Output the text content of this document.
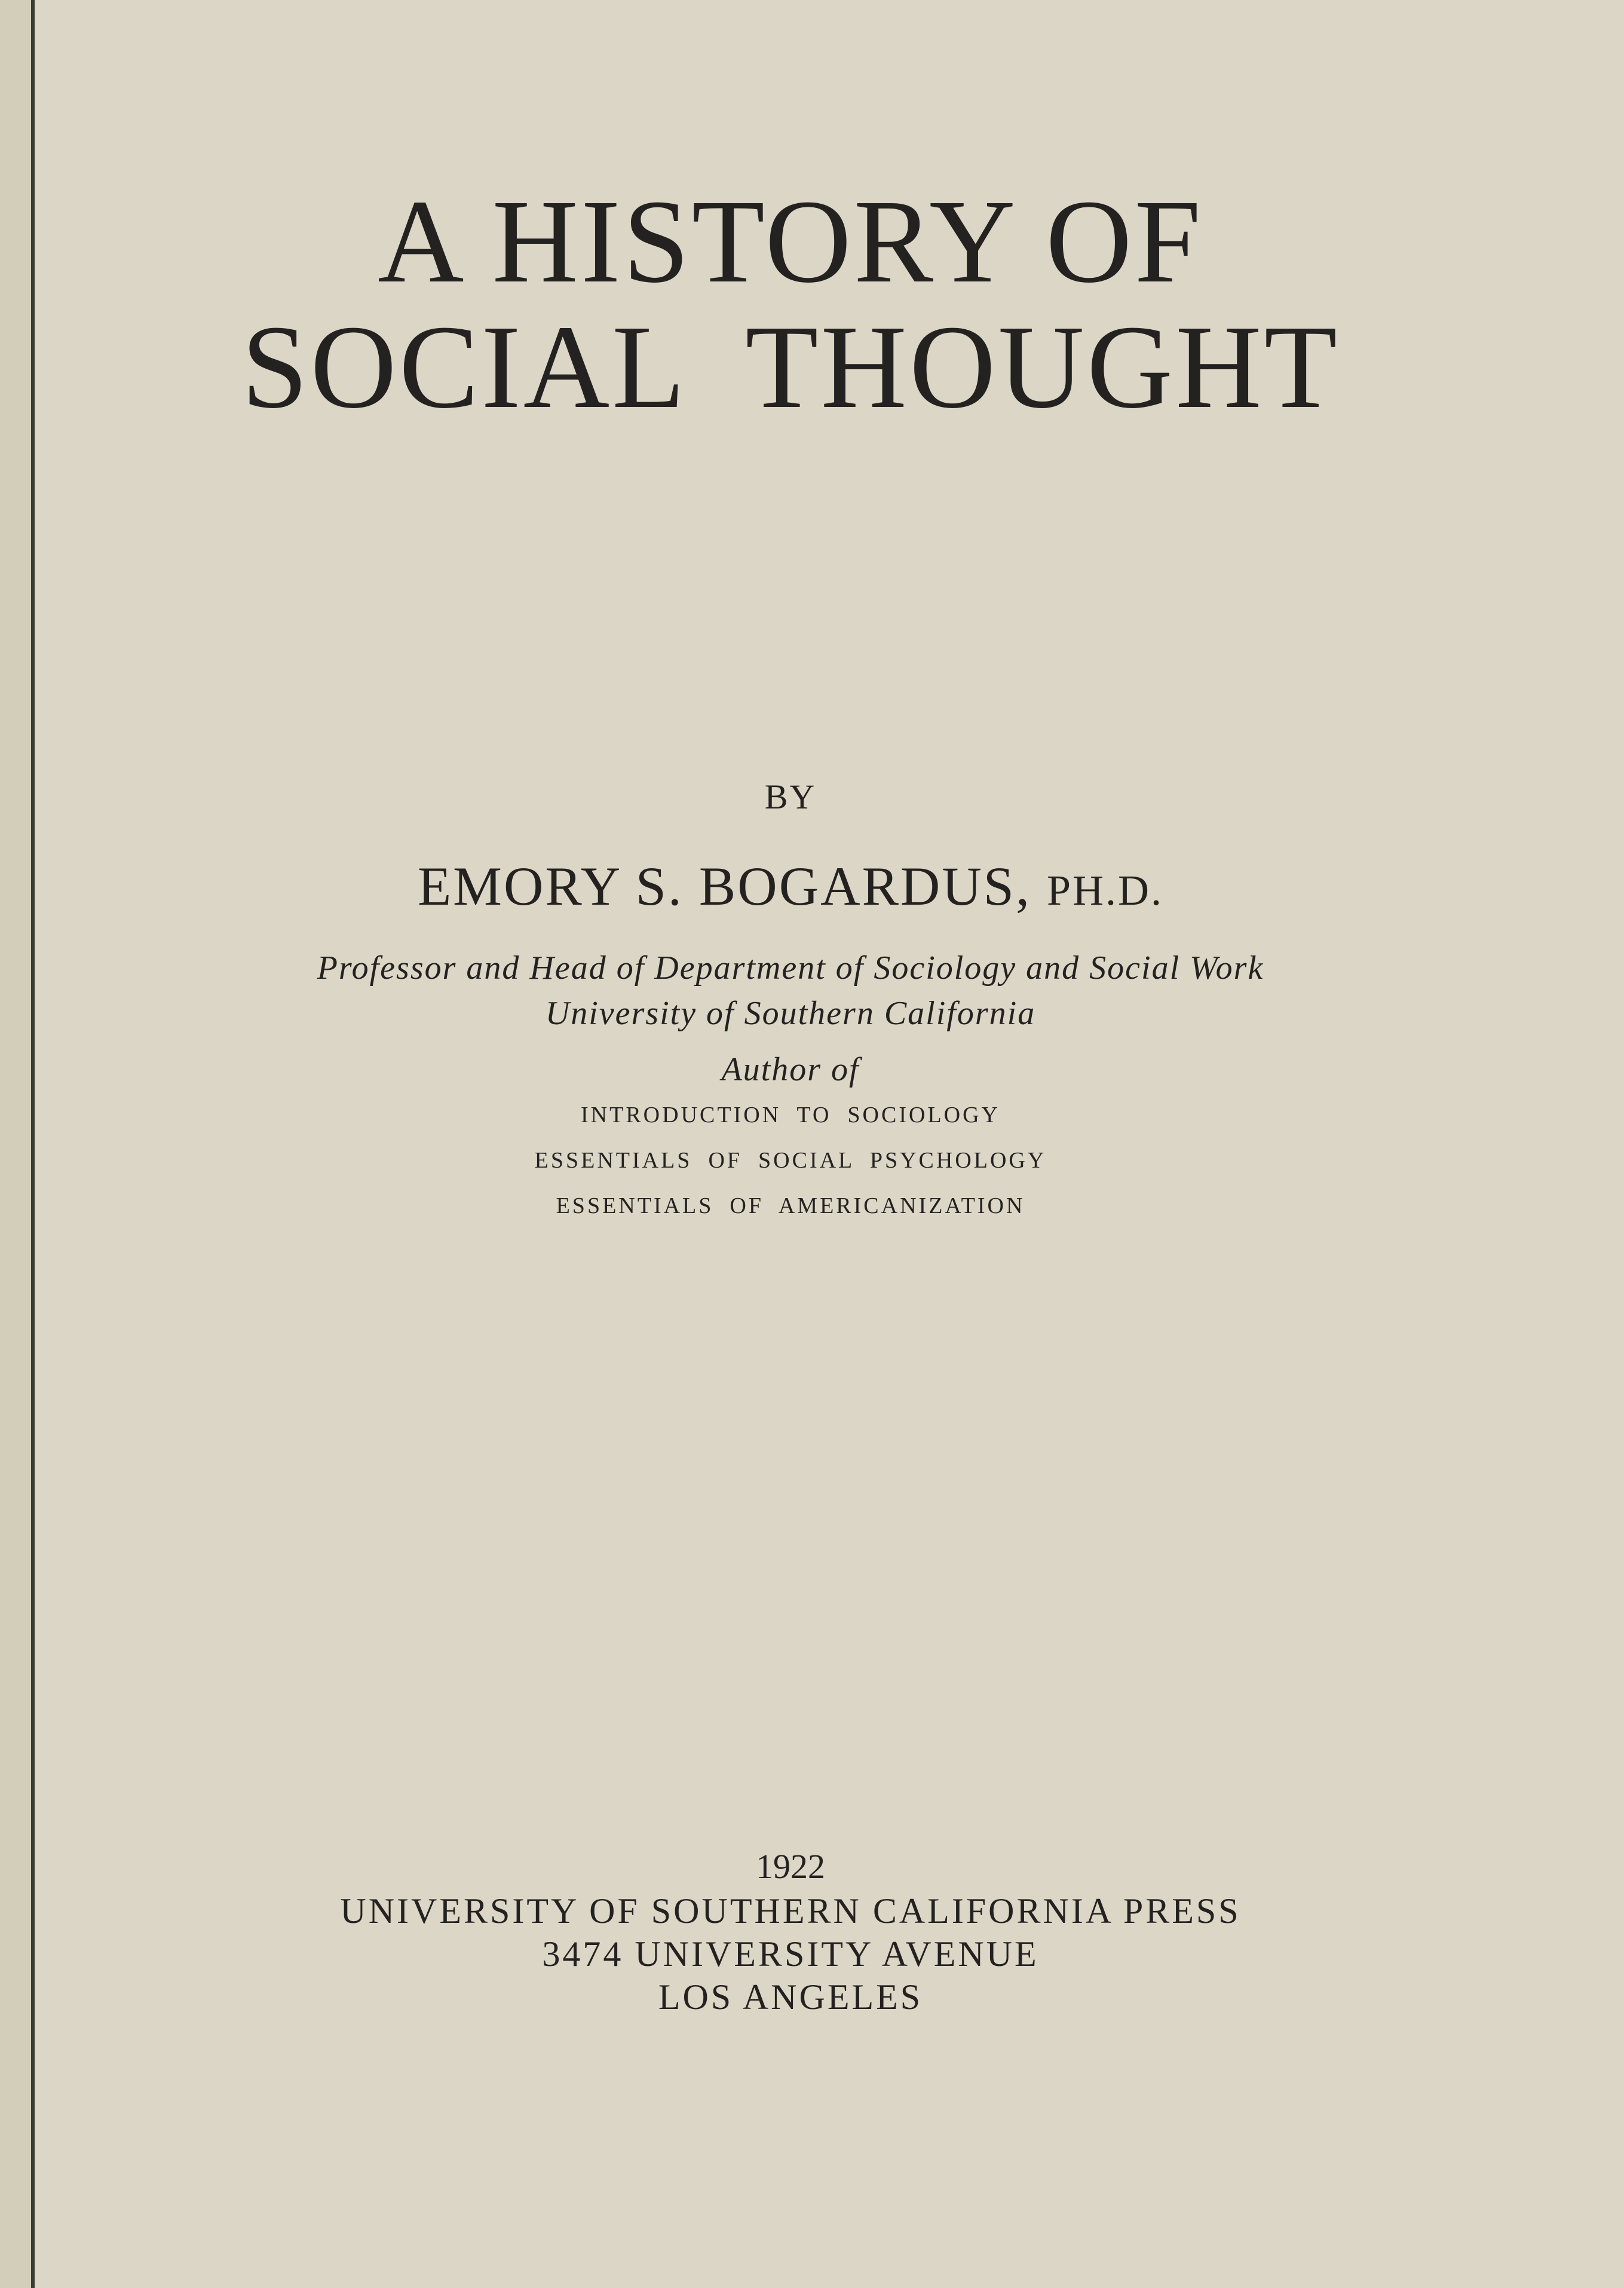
A HISTORY OF
SOCIAL  THOUGHT
BY
EMORY S. BOGARDUS, PH.D.
Professor and Head of Department of Sociology and Social Work
University of Southern California
Author of
INTRODUCTION  TO  SOCIOLOGY
ESSENTIALS  OF  SOCIAL  PSYCHOLOGY
ESSENTIALS  OF  AMERICANIZATION
1922
UNIVERSITY OF SOUTHERN CALIFORNIA PRESS
3474 UNIVERSITY AVENUE
LOS ANGELES
